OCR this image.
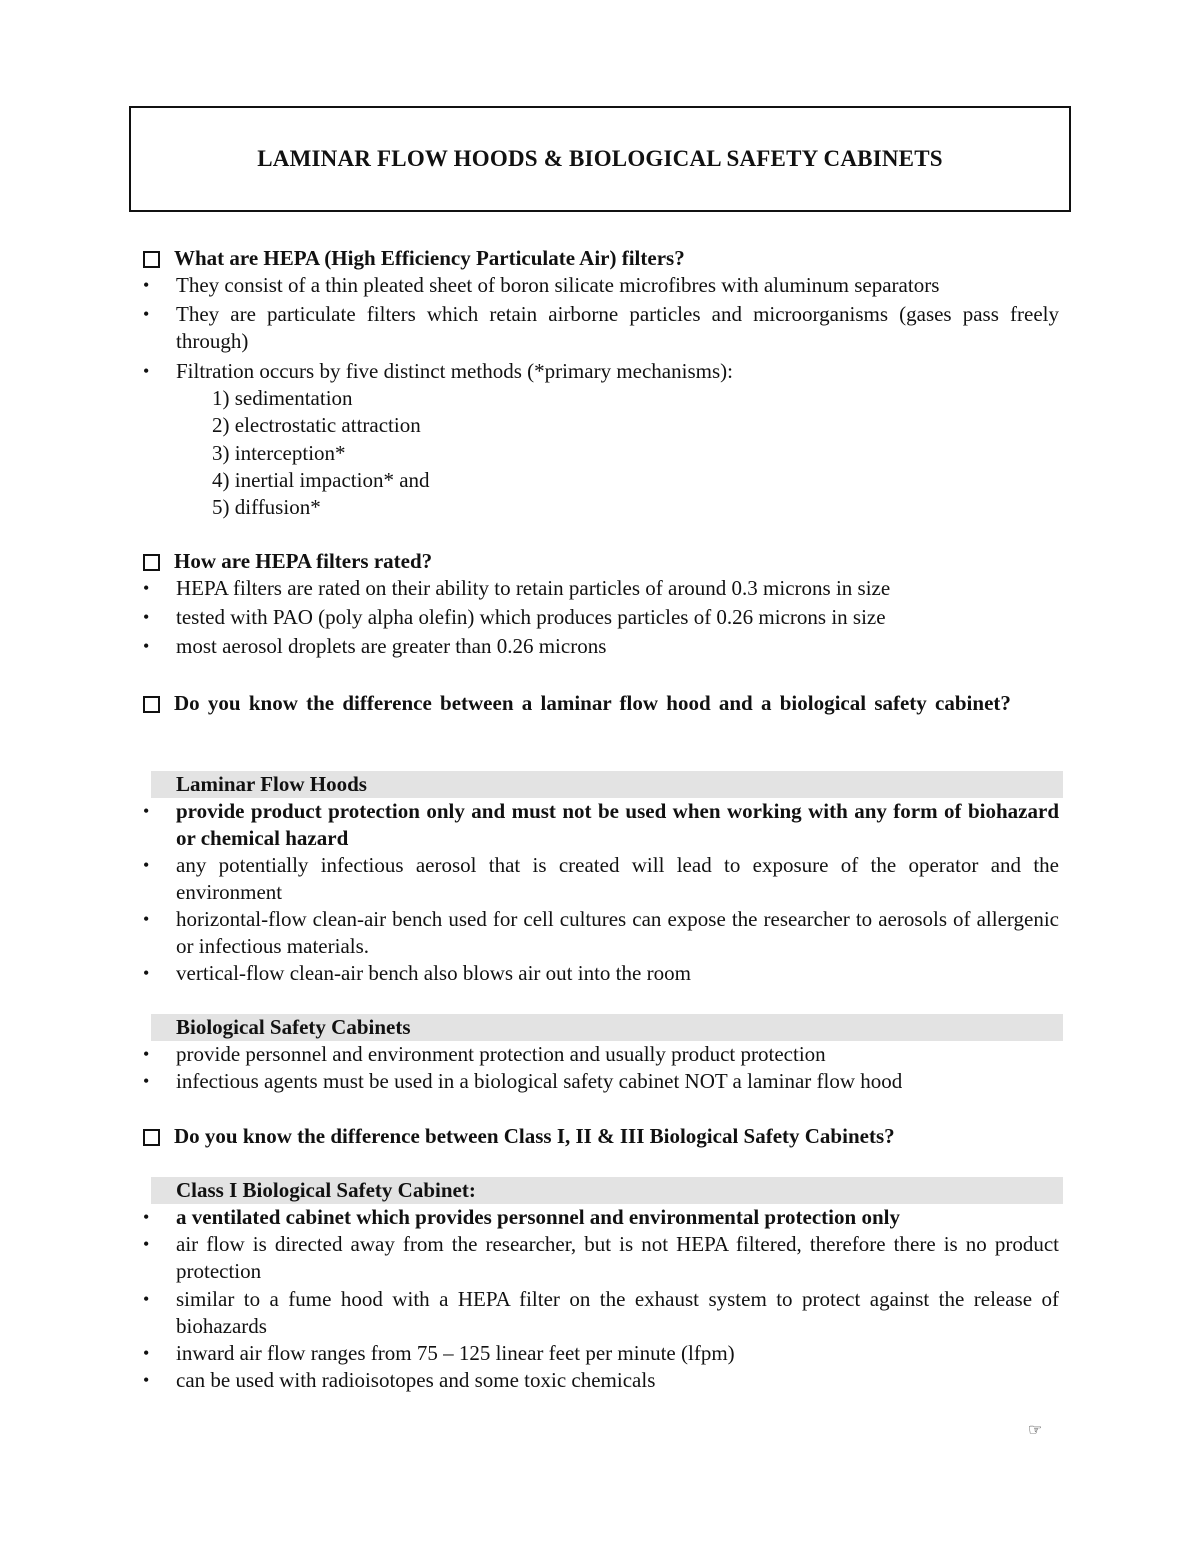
LAMINAR FLOW HOODS & BIOLOGICAL SAFETY CABINETS
What are HEPA (High Efficiency Particulate Air) filters?
•	They consist of a thin pleated sheet of boron silicate microfibres with aluminum separators
•	They are particulate filters which retain airborne particles and microorganisms (gases pass freely through)
•	Filtration occurs by five distinct methods (*primary mechanisms):
1) sedimentation
2) electrostatic attraction
3) interception*
4) inertial impaction* and
5) diffusion*
How are HEPA filters rated?
•	HEPA filters are rated on their ability to retain particles of around 0.3 microns in size
•	tested with PAO (poly alpha olefin) which produces particles of 0.26 microns in size
•	most aerosol droplets are greater than 0.26 microns
Do you know the difference between a laminar flow hood and a biological safety cabinet?
Laminar Flow Hoods
•	provide product protection only and must not be used when working with any form of biohazard or chemical hazard
•	any potentially infectious aerosol that is created will lead to exposure of the operator and the environment
•	horizontal-flow clean-air bench used for cell cultures can expose the researcher to aerosols of allergenic or infectious materials.
•	vertical-flow clean-air bench also blows air out into the room
Biological Safety Cabinets
•	provide personnel and environment protection and usually product protection
•	infectious agents must be used in a biological safety cabinet NOT a laminar flow hood
Do you know the difference between Class I, II & III Biological Safety Cabinets?
Class I Biological Safety Cabinet:
•	a ventilated cabinet which provides personnel and environmental protection only
•	air flow is directed away from the researcher, but is not HEPA filtered, therefore there is no product protection
•	similar to a fume hood with a HEPA filter on the exhaust system to protect against the release of biohazards
•	inward air flow ranges from 75 – 125 linear feet per minute (lfpm)
•	can be used with radioisotopes and some toxic chemicals
☞
